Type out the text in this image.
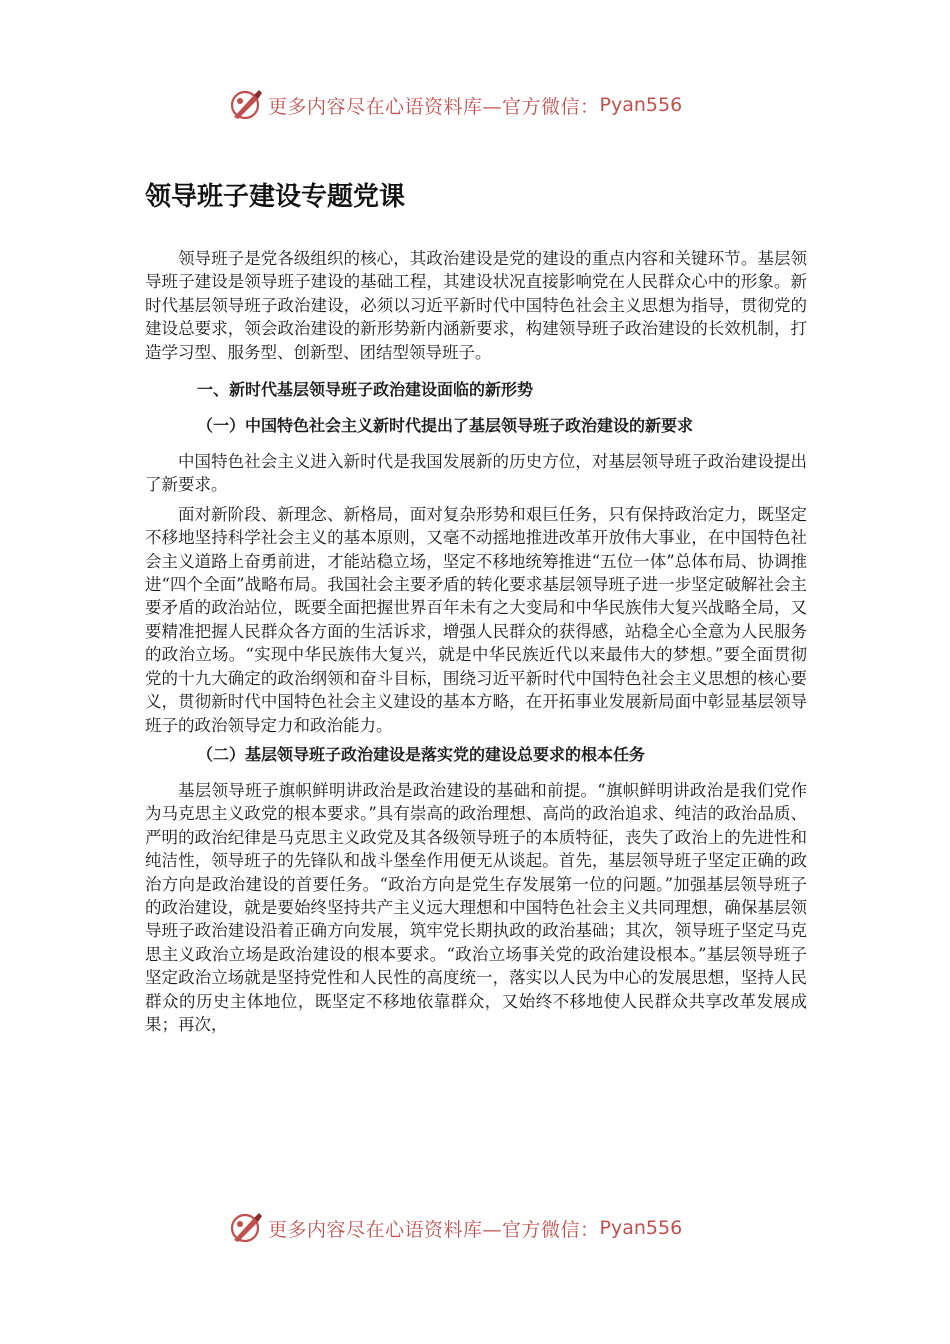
更多内容尽在心语资料库—官方微信： Pyan556
领导班子建设专题党课

领导班子是党各级组织的核心，其政治建设是党的建设的重点内容和关键环节。基层领导班子建设是领导班子建设的基础工程，其建设状况直接影响党在人民群众心中的形象。新时代基层领导班子政治建设，必须以习近平新时代中国特色社会主义思想为指导，贯彻党的建设总要求，领会政治建设的新形势新内涵新要求，构建领导班子政治建设的长效机制，打造学习型、服务型、创新型、团结型领导班子。

一、新时代基层领导班子政治建设面临的新形势
（一）中国特色社会主义新时代提出了基层领导班子政治建设的新要求

中国特色社会主义进入新时代是我国发展新的历史方位，对基层领导班子政治建设提出了新要求。

面对新阶段、新理念、新格局，面对复杂形势和艰巨任务，只有保持政治定力，既坚定不移地坚持科学社会主义的基本原则，又毫不动摇地推进改革开放伟大事业，在中国特色社会主义道路上奋勇前进，才能站稳立场，坚定不移地统筹推进“五位一体”总体布局、协调推进“四个全面”战略布局。我国社会主要矛盾的转化要求基层领导班子进一步坚定破解社会主要矛盾的政治站位，既要全面把握世界百年未有之大变局和中华民族伟大复兴战略全局，又要精准把握人民群众各方面的生活诉求，增强人民群众的获得感，站稳全心全意为人民服务的政治立场。“实现中华民族伟大复兴，就是中华民族近代以来最伟大的梦想。”要全面贯彻党的十九大确定的政治纲领和奋斗目标，围绕习近平新时代中国特色社会主义思想的核心要义，贯彻新时代中国特色社会主义建设的基本方略，在开拓事业发展新局面中彰显基层领导班子的政治领导定力和政治能力。

（二）基层领导班子政治建设是落实党的建设总要求的根本任务

基层领导班子旗帜鲜明讲政治是政治建设的基础和前提。“旗帜鲜明讲政治是我们党作为马克思主义政党的根本要求。”具有崇高的政治理想、高尚的政治追求、纯洁的政治品质、严明的政治纪律是马克思主义政党及其各级领导班子的本质特征，丧失了政治上的先进性和纯洁性，领导班子的先锋队和战斗堡垒作用便无从谈起。首先，基层领导班子坚定正确的政治方向是政治建设的首要任务。“政治方向是党生存发展第一位的问题。”加强基层领导班子的政治建设，就是要始终坚持共产主义远大理想和中国特色社会主义共同理想，确保基层领导班子政治建设沿着正确方向发展，筑牢党长期执政的政治基础；其次，领导班子坚定马克思主义政治立场是政治建设的根本要求。“政治立场事关党的政治建设根本。”基层领导班子坚定政治立场就是坚持党性和人民性的高度统一，落实以人民为中心的发展思想，坚持人民群众的历史主体地位，既坚定不移地依靠群众，又始终不移地使人民群众共享改革发展成果；再次，

更多内容尽在心语资料库—官方微信： Pyan556
